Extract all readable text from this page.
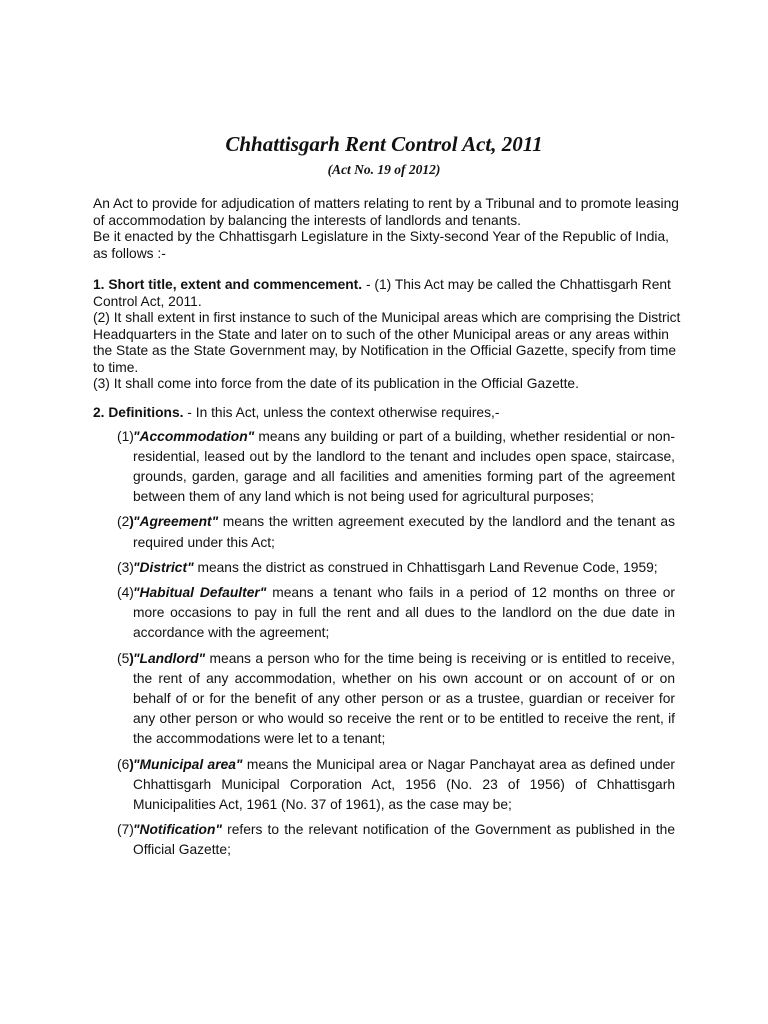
Chhattisgarh Rent Control Act, 2011
(Act No. 19 of 2012)

An Act to provide for adjudication of matters relating to rent by a Tribunal and to promote leasing of accommodation by balancing the interests of landlords and tenants.

Be it enacted by the Chhattisgarh Legislature in the Sixty-second Year of the Republic of India, as follows :-

1. Short title, extent and commencement. - (1) This Act may be called the Chhattisgarh Rent Control Act, 2011.

(2) It shall extent in first instance to such of the Municipal areas which are comprising the District Headquarters in the State and later on to such of the other Municipal areas or any areas within the State as the State Government may, by Notification in the Official Gazette, specify from time to time.

(3) It shall come into force from the date of its publication in the Official Gazette.

2. Definitions. - In this Act, unless the context otherwise requires,-

(1) "Accommodation" means any building or part of a building, whether residential or non-residential, leased out by the landlord to the tenant and includes open space, staircase, grounds, garden, garage and all facilities and amenities forming part of the agreement between them of any land which is not being used for agricultural purposes;
(2) "Agreement" means the written agreement executed by the landlord and the tenant as required under this Act;
(3) "District" means the district as construed in Chhattisgarh Land Revenue Code, 1959;
(4) "Habitual Defaulter" means a tenant who fails in a period of 12 months on three or more occasions to pay in full the rent and all dues to the landlord on the due date in accordance with the agreement;
(5) "Landlord" means a person who for the time being is receiving or is entitled to receive, the rent of any accommodation, whether on his own account or on account of or on behalf of or for the benefit of any other person or as a trustee, guardian or receiver for any other person or who would so receive the rent or to be entitled to receive the rent, if the accommodations were let to a tenant;
(6) "Municipal area" means the Municipal area or Nagar Panchayat area as defined under Chhattisgarh Municipal Corporation Act, 1956 (No. 23 of 1956) of Chhattisgarh Municipalities Act, 1961 (No. 37 of 1961), as the case may be;
(7) "Notification" refers to the relevant notification of the Government as published in the Official Gazette;
